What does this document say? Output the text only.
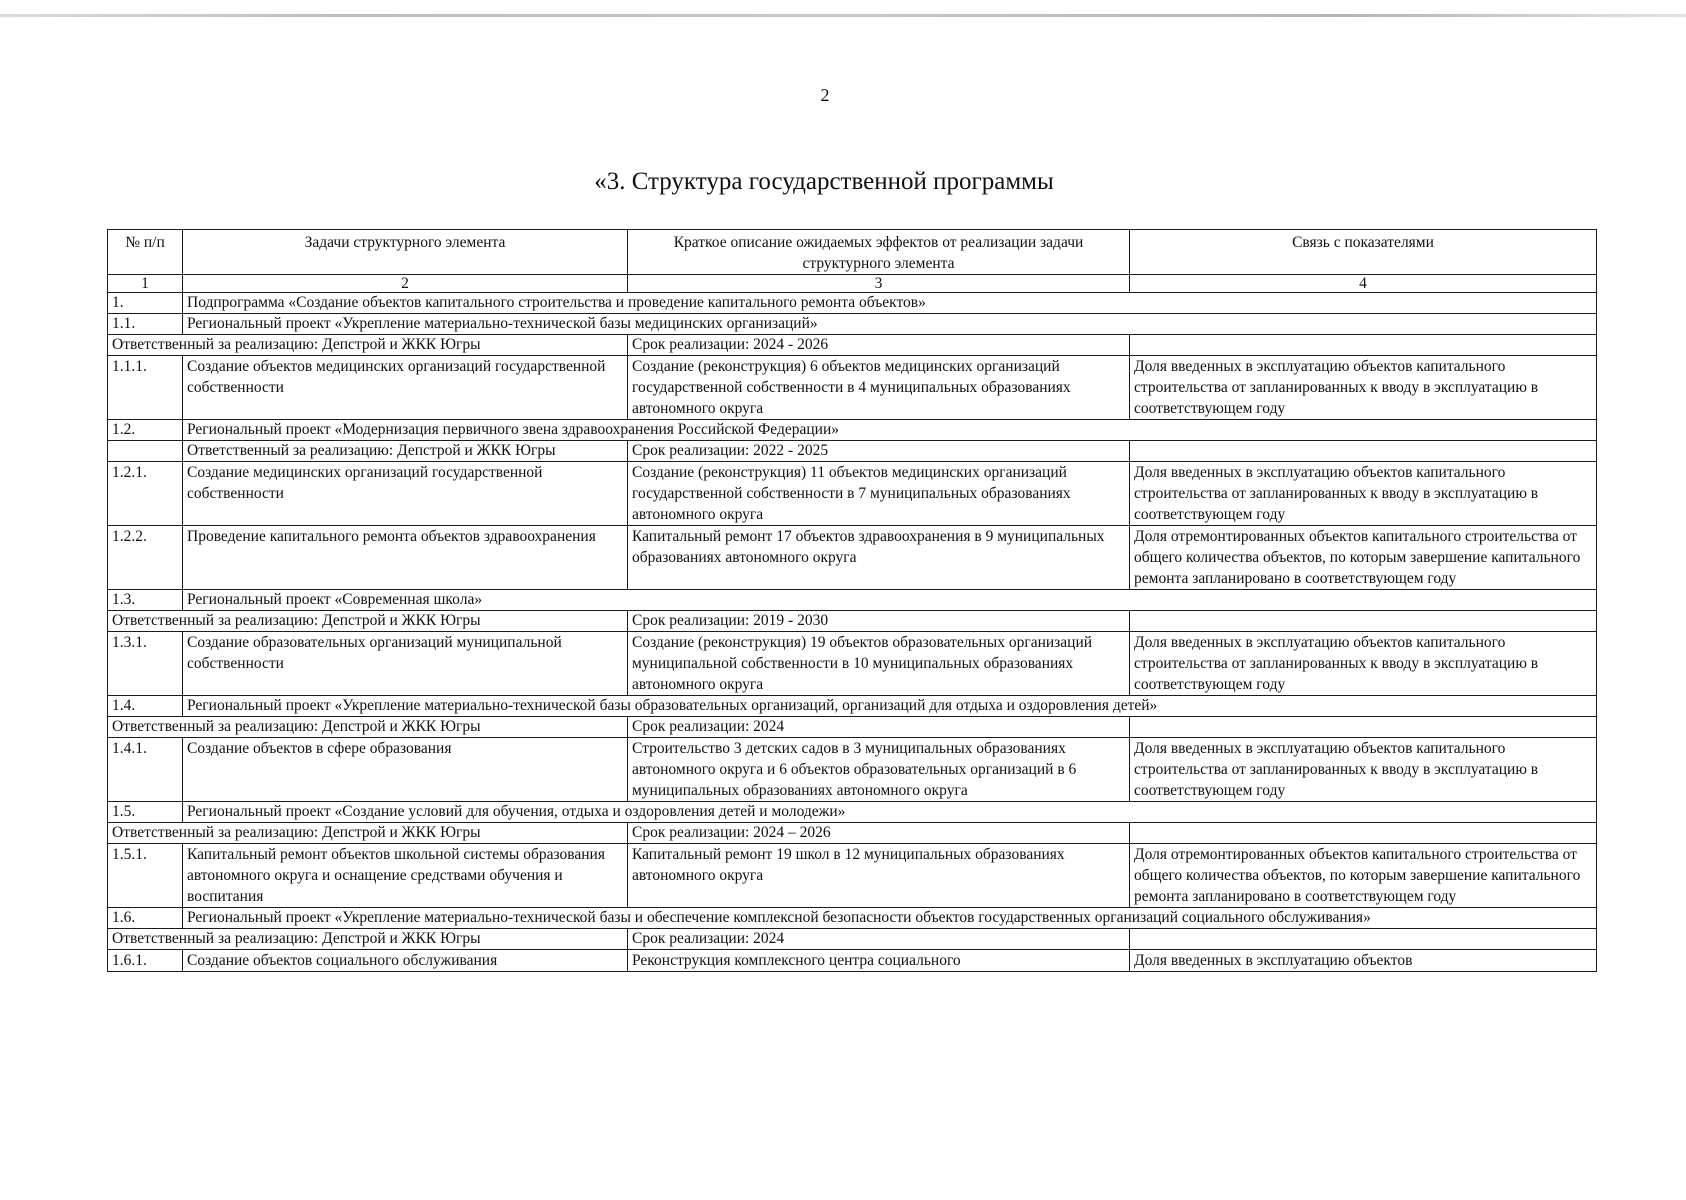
2
«3. Структура государственной программы
№ п/п	Задачи структурного элемента	Краткое описание ожидаемых эффектов от реализации задачи структурного элемента	Связь с показателями
1	2	3	4
1.	Подпрограмма «Создание объектов капитального строительства и проведение капитального ремонта объектов»		
1.1.	Региональный проект «Укрепление материально-технической базы медицинских организаций»		
Ответственный за реализацию: Депстрой и ЖКК Югры		Срок реализации: 2024 - 2026	
1.1.1.	Создание объектов медицинских организаций государственной собственности	Создание (реконструкция) 6 объектов медицинских организаций государственной собственности в 4 муниципальных образованиях автономного округа	Доля введенных в эксплуатацию объектов капитального строительства от запланированных к вводу в эксплуатацию в соответствующем году
1.2.	Региональный проект «Модернизация первичного звена здравоохранения Российской Федерации»		
	Ответственный за реализацию: Депстрой и ЖКК Югры	Срок реализации: 2022 - 2025	
1.2.1.	Создание медицинских организаций государственной собственности	Создание (реконструкция) 11 объектов медицинских организаций государственной собственности в 7 муниципальных образованиях автономного округа	Доля введенных в эксплуатацию объектов капитального строительства от запланированных к вводу в эксплуатацию в соответствующем году
1.2.2.	Проведение капитального ремонта объектов здравоохранения	Капитальный ремонт 17 объектов здравоохранения в 9 муниципальных образованиях автономного округа	Доля отремонтированных объектов капитального строительства от общего количества объектов, по которым завершение капитального ремонта запланировано в соответствующем году
1.3.	Региональный проект «Современная школа»		
Ответственный за реализацию: Депстрой и ЖКК Югры		Срок реализации: 2019 - 2030	
1.3.1.	Создание образовательных организаций муниципальной собственности	Создание (реконструкция) 19 объектов образовательных организаций муниципальной собственности в 10 муниципальных образованиях автономного округа	Доля введенных в эксплуатацию объектов капитального строительства от запланированных к вводу в эксплуатацию в соответствующем году
1.4.	Региональный проект «Укрепление материально-технической базы образовательных организаций, организаций для отдыха и оздоровления детей»		
Ответственный за реализацию: Депстрой и ЖКК Югры		Срок реализации: 2024	
1.4.1.	Создание объектов в сфере образования	Строительство 3 детских садов в 3 муниципальных образованиях автономного округа и 6 объектов образовательных организаций в 6 муниципальных образованиях автономного округа	Доля введенных в эксплуатацию объектов капитального строительства от запланированных к вводу в эксплуатацию в соответствующем году
1.5.	Региональный проект «Создание условий для обучения, отдыха и оздоровления детей и молодежи»		
Ответственный за реализацию: Депстрой и ЖКК Югры		Срок реализации: 2024 – 2026	
1.5.1.	Капитальный ремонт объектов школьной системы образования автономного округа и оснащение средствами обучения и воспитания	Капитальный ремонт 19 школ в 12 муниципальных образованиях автономного округа	Доля отремонтированных объектов капитального строительства от общего количества объектов, по которым завершение капитального ремонта запланировано в соответствующем году
1.6.	Региональный проект «Укрепление материально-технической базы и обеспечение комплексной безопасности объектов государственных организаций социального обслуживания»		
Ответственный за реализацию: Депстрой и ЖКК Югры		Срок реализации: 2024	
1.6.1.	Создание объектов социального обслуживания	Реконструкция комплексного центра социального	Доля введенных в эксплуатацию объектов
